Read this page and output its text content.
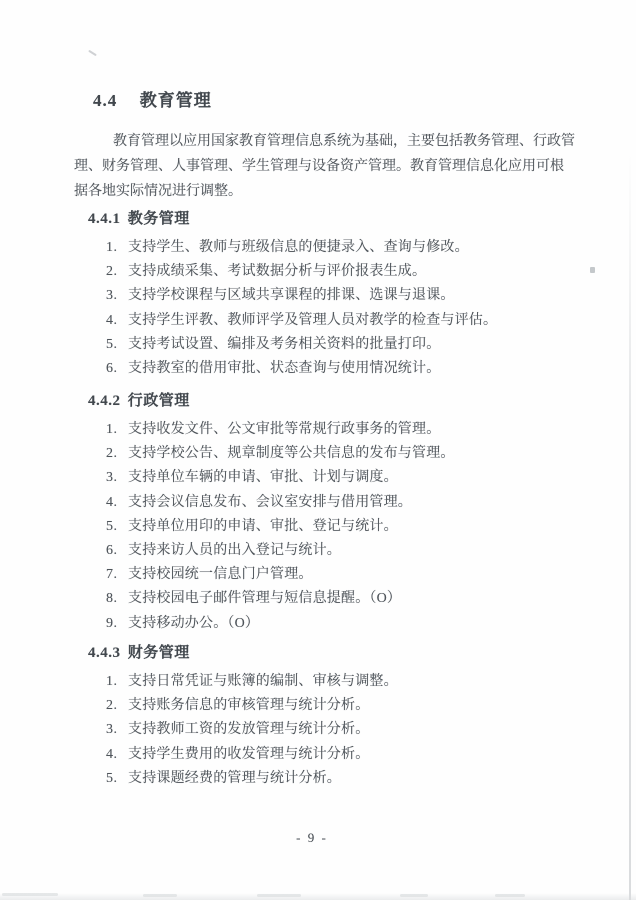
4.4  教育管理
教育管理以应用国家教育管理信息系统为基础，主要包括教务管理、行政管理、财务管理、人事管理、学生管理与设备资产管理。教育管理信息化应用可根据各地实际情况进行调整。
4.4.1 教务管理
1. 支持学生、教师与班级信息的便捷录入、查询与修改。
2. 支持成绩采集、考试数据分析与评价报表生成。
3. 支持学校课程与区域共享课程的排课、选课与退课。
4. 支持学生评教、教师评学及管理人员对教学的检查与评估。
5. 支持考试设置、编排及考务相关资料的批量打印。
6. 支持教室的借用审批、状态查询与使用情况统计。
4.4.2 行政管理
1. 支持收发文件、公文审批等常规行政事务的管理。
2. 支持学校公告、规章制度等公共信息的发布与管理。
3. 支持单位车辆的申请、审批、计划与调度。
4. 支持会议信息发布、会议室安排与借用管理。
5. 支持单位用印的申请、审批、登记与统计。
6. 支持来访人员的出入登记与统计。
7. 支持校园统一信息门户管理。
8. 支持校园电子邮件管理与短信息提醒。（O）
9. 支持移动办公。（O）
4.4.3 财务管理
1. 支持日常凭证与账簿的编制、审核与调整。
2. 支持账务信息的审核管理与统计分析。
3. 支持教师工资的发放管理与统计分析。
4. 支持学生费用的收发管理与统计分析。
5. 支持课题经费的管理与统计分析。
- 9 -
